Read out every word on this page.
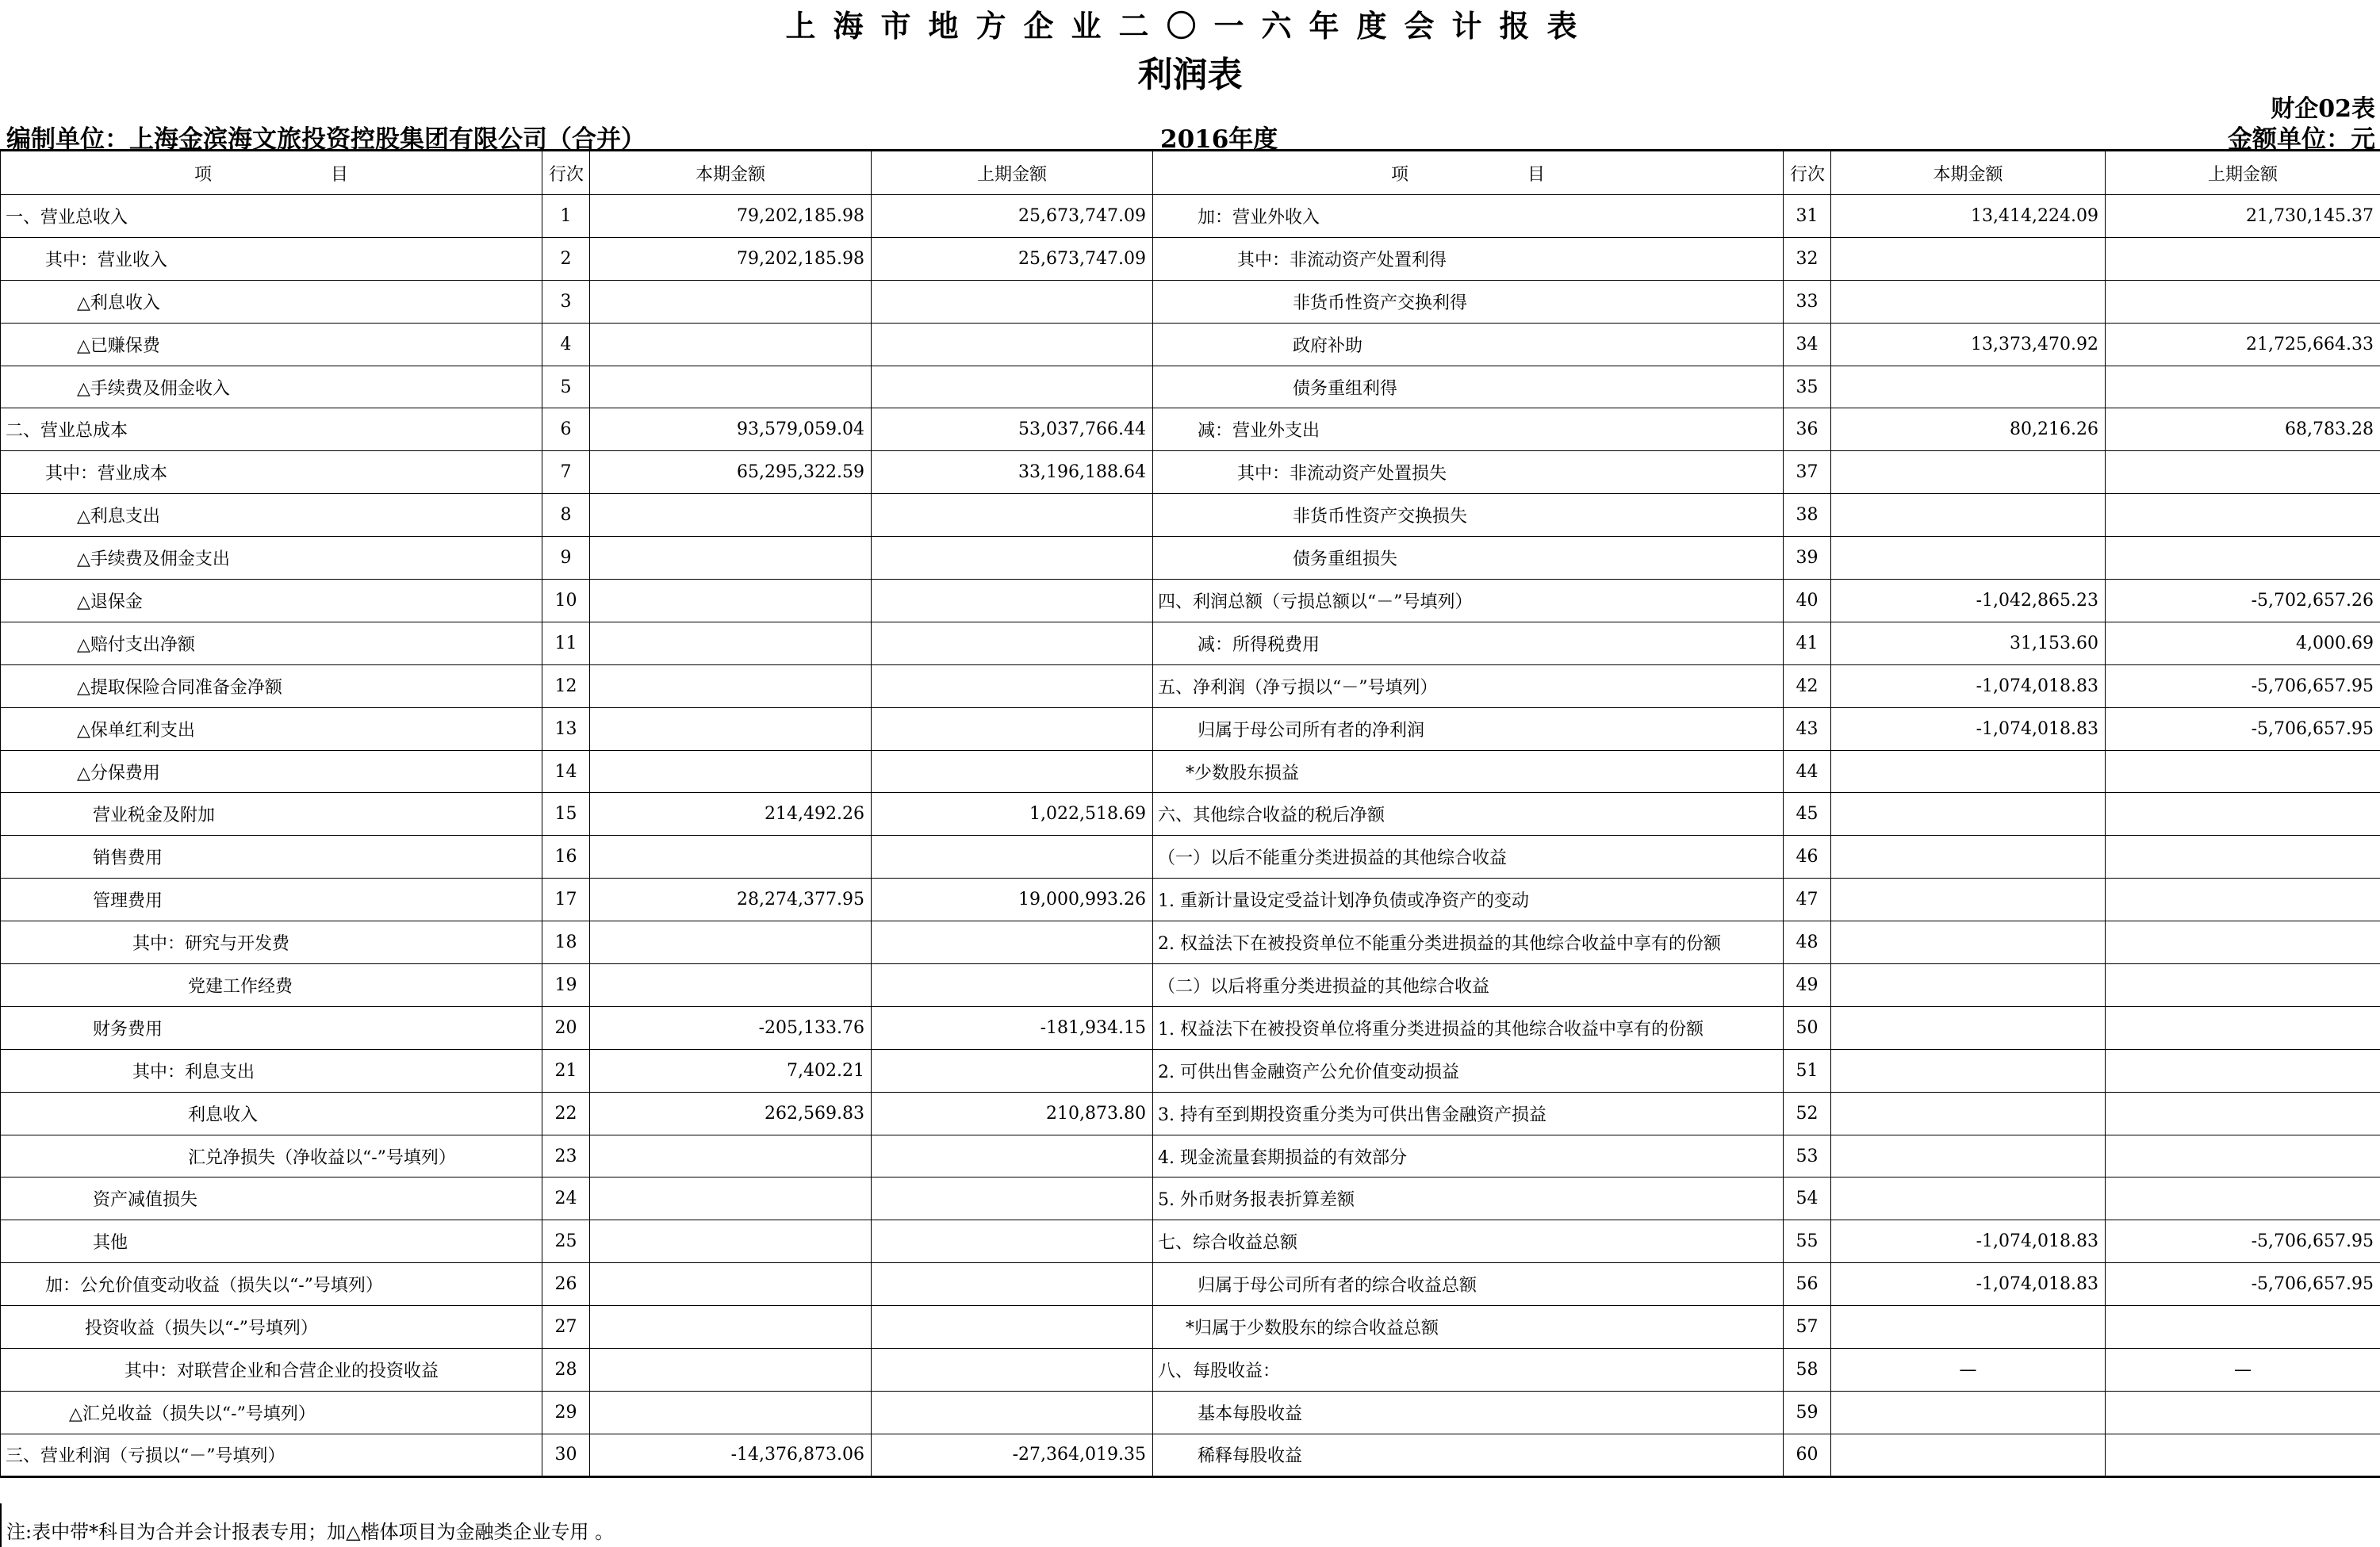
上海市地方企业二〇一六年度会计报表
利润表
财企02表
编制单位：上海金滨海文旅投资控股集团有限公司（合并）	2016年度	金额单位：元
项 目	行次	本期金额	上期金额	项 目	行次	本期金额	上期金额
一、营业总收入	1	79,202,185.98	25,673,747.09	加：营业外收入	31	13,414,224.09	21,730,145.37
其中：营业收入	2	79,202,185.98	25,673,747.09	其中：非流动资产处置利得	32		
△利息收入	3			非货币性资产交换利得	33		
△已赚保费	4			政府补助	34	13,373,470.92	21,725,664.33
△手续费及佣金收入	5			债务重组利得	35		
二、营业总成本	6	93,579,059.04	53,037,766.44	减：营业外支出	36	80,216.26	68,783.28
其中：营业成本	7	65,295,322.59	33,196,188.64	其中：非流动资产处置损失	37		
△利息支出	8			非货币性资产交换损失	38		
△手续费及佣金支出	9			债务重组损失	39		
△退保金	10			四、利润总额（亏损总额以“－”号填列）	40	-1,042,865.23	-5,702,657.26
△赔付支出净额	11			减：所得税费用	41	31,153.60	4,000.69
△提取保险合同准备金净额	12			五、净利润（净亏损以“－”号填列）	42	-1,074,018.83	-5,706,657.95
△保单红利支出	13			归属于母公司所有者的净利润	43	-1,074,018.83	-5,706,657.95
△分保费用	14			*少数股东损益	44		
营业税金及附加	15	214,492.26	1,022,518.69	六、其他综合收益的税后净额	45		
销售费用	16			（一）以后不能重分类进损益的其他综合收益	46		
管理费用	17	28,274,377.95	19,000,993.26	1. 重新计量设定受益计划净负债或净资产的变动	47		
其中：研究与开发费	18			2. 权益法下在被投资单位不能重分类进损益的其他综合收益中享有的份额	48		
党建工作经费	19			（二）以后将重分类进损益的其他综合收益	49		
财务费用	20	-205,133.76	-181,934.15	1. 权益法下在被投资单位将重分类进损益的其他综合收益中享有的份额	50		
其中：利息支出	21	7,402.21		2. 可供出售金融资产公允价值变动损益	51		
利息收入	22	262,569.83	210,873.80	3. 持有至到期投资重分类为可供出售金融资产损益	52		
汇兑净损失（净收益以“-”号填列）	23			4. 现金流量套期损益的有效部分	53		
资产减值损失	24			5. 外币财务报表折算差额	54		
其他	25			七、综合收益总额	55	-1,074,018.83	-5,706,657.95
加：公允价值变动收益（损失以“-”号填列）	26			归属于母公司所有者的综合收益总额	56	-1,074,018.83	-5,706,657.95
投资收益（损失以“-”号填列）	27			*归属于少数股东的综合收益总额	57		
其中：对联营企业和合营企业的投资收益	28			八、每股收益：	58	—	—
△汇兑收益（损失以“-”号填列）	29			基本每股收益	59		
三、营业利润（亏损以“－”号填列）	30	-14,376,873.06	-27,364,019.35	稀释每股收益	60		
注:表中带*科目为合并会计报表专用；加△楷体项目为金融类企业专用 。
